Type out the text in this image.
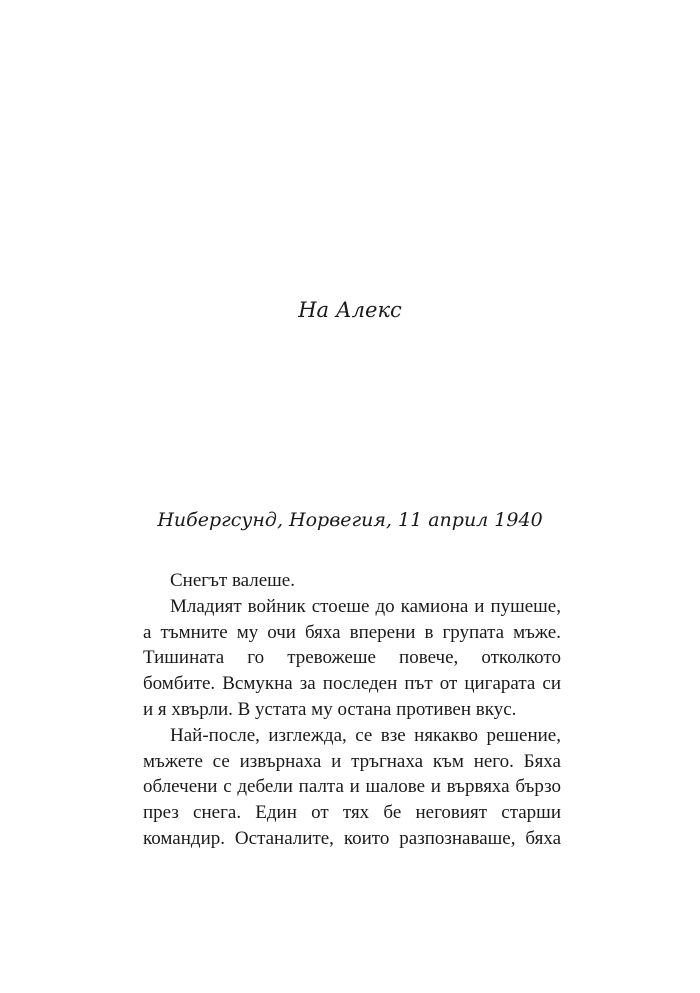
На Алекс
Нибергсунд, Норвегия, 11 април 1940

Снегът валеше.

Младият войник стоеше до камиона и пушеше,
а тъмните му очи бяха вперени в групата мъже.
Тишината го тревожеше повече, отколкото
бомбите. Всмукна за последен път от цигарата си
и я хвърли. В устата му остана противен вкус.

Най-после, изглежда, се взе някакво решение,
мъжете се извърнаха и тръгнаха към него. Бяха
облечени с дебели палта и шалове и вървяха бързо
през снега. Един от тях бе неговият старши
командир. Останалите, които разпознаваше, бяха
